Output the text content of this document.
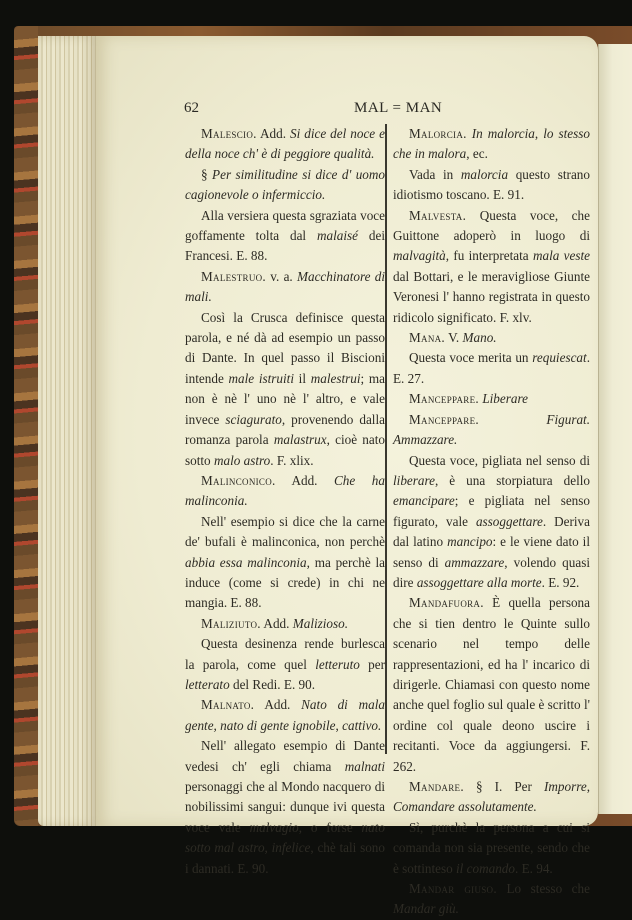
62	MAL = MAN

Malescio. Add. Si dice del noce e della noce ch' è di peggiore qualità.

§ Per similitudine si dice d' uomo cagionevole o infermiccio.

Alla versiera questa sgraziata voce goffamente tolta dal malaisé dei Francesi. E. 88.

Malestruo. v. a. Macchinatore di mali.

Così la Crusca definisce questa parola, e né dà ad esempio un passo di Dante. In quel passo il Biscioni intende male istruiti il malestrui; ma non è nè l' uno nè l' altro, e vale invece sciagurato, provenendo dalla romanza parola malastrux, cioè nato sotto malo astro. F. xlix.

Malinconico. Add. Che ha malinconia.

Nell' esempio si dice che la carne de' bufali è malinconica, non perchè abbia essa malinconia, ma perchè la induce (come si crede) in chi ne mangia. E. 88.

Maliziuto. Add. Malizioso.

Questa desinenza rende burlesca la parola, come quel letteruto per letterato del Redi. E. 90.

Malnato. Add. Nato di mala gente, nato di gente ignobile, cattivo.

Nell' allegato esempio di Dante vedesi ch' egli chiama malnati personaggi che al Mondo nacquero di nobilissimi sangui: dunque ivi questa voce vale malvagio, o forse nato sotto mal astro, infelice, chè tali sono i dannati. E. 90.

Malorcia. In malorcia, lo stesso che in malora, ec.

Vada in malorcia questo strano idiotismo toscano. E. 91.

Malvesta. Questa voce, che Guittone adoperò in luogo di malvagità, fu interpretata mala veste dal Bottari, e le meravigliose Giunte Veronesi l' hanno registrata in questo ridicolo significato. F. xlv.

Mana. V. Mano.

Questa voce merita un requiescat. E. 27.

Manceppare. Liberare

Manceppare.	Figurat. Ammazzare.

Questa voce, pigliata nel senso di liberare, è una storpiatura dello emancipare; e pigliata nel senso figurato, vale assoggettare. Deriva dal latino mancipo: e le viene dato il senso di ammazzare, volendo quasi dire assoggettare alla morte. E. 92.

Mandafuora. È quella persona che si tien dentro le Quinte sullo scenario nel tempo delle rappresentazioni, ed ha l' incarico di dirigerle. Chiamasi con questo nome anche quel foglio sul quale è scritto l' ordine col quale deono uscire i recitanti. Voce da aggiungersi. F. 262.

Mandare. § I. Per Imporre, Comandare assolutamente.

Sì, purchè la persona a cui si comanda non sia presente, sendo che è sottinteso il comando. E. 94.

Mandar giuso. Lo stesso che Mandar giù.
